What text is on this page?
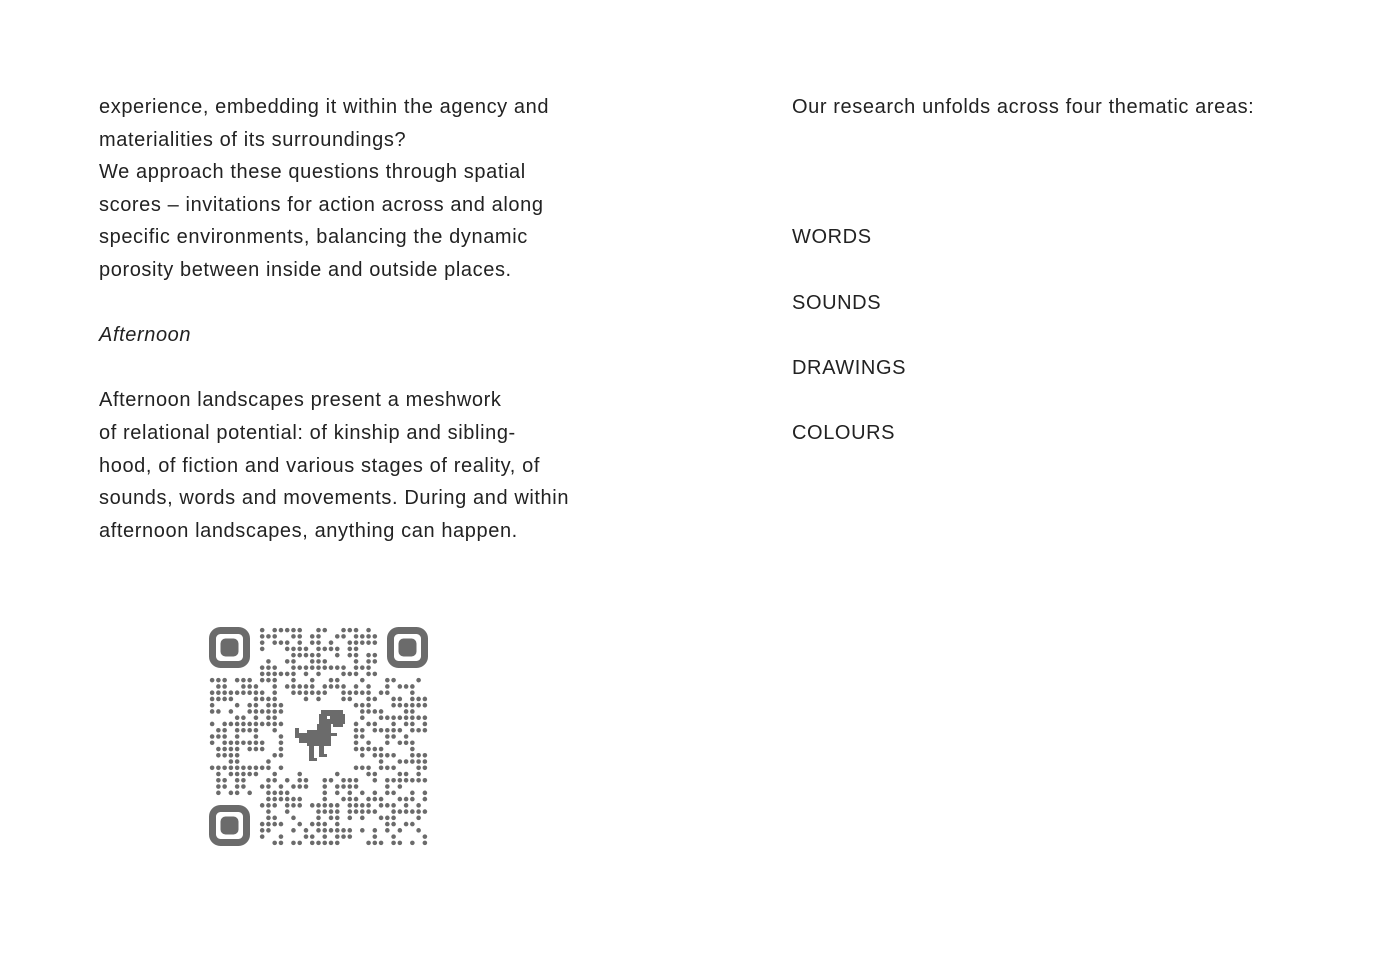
experience, embedding it within the agency and
materialities of its surroundings?
We approach these questions through spatial
scores – invitations for action across and along
specific environments, balancing the dynamic
porosity between inside and outside places.
Afternoon
Afternoon landscapes present a meshwork
of relational potential: of kinship and sibling-
hood, of fiction and various stages of reality, of
sounds, words and movements. During and within
afternoon landscapes, anything can happen.
Our research unfolds across four thematic areas:
WORDS
SOUNDS
DRAWINGS
COLOURS
